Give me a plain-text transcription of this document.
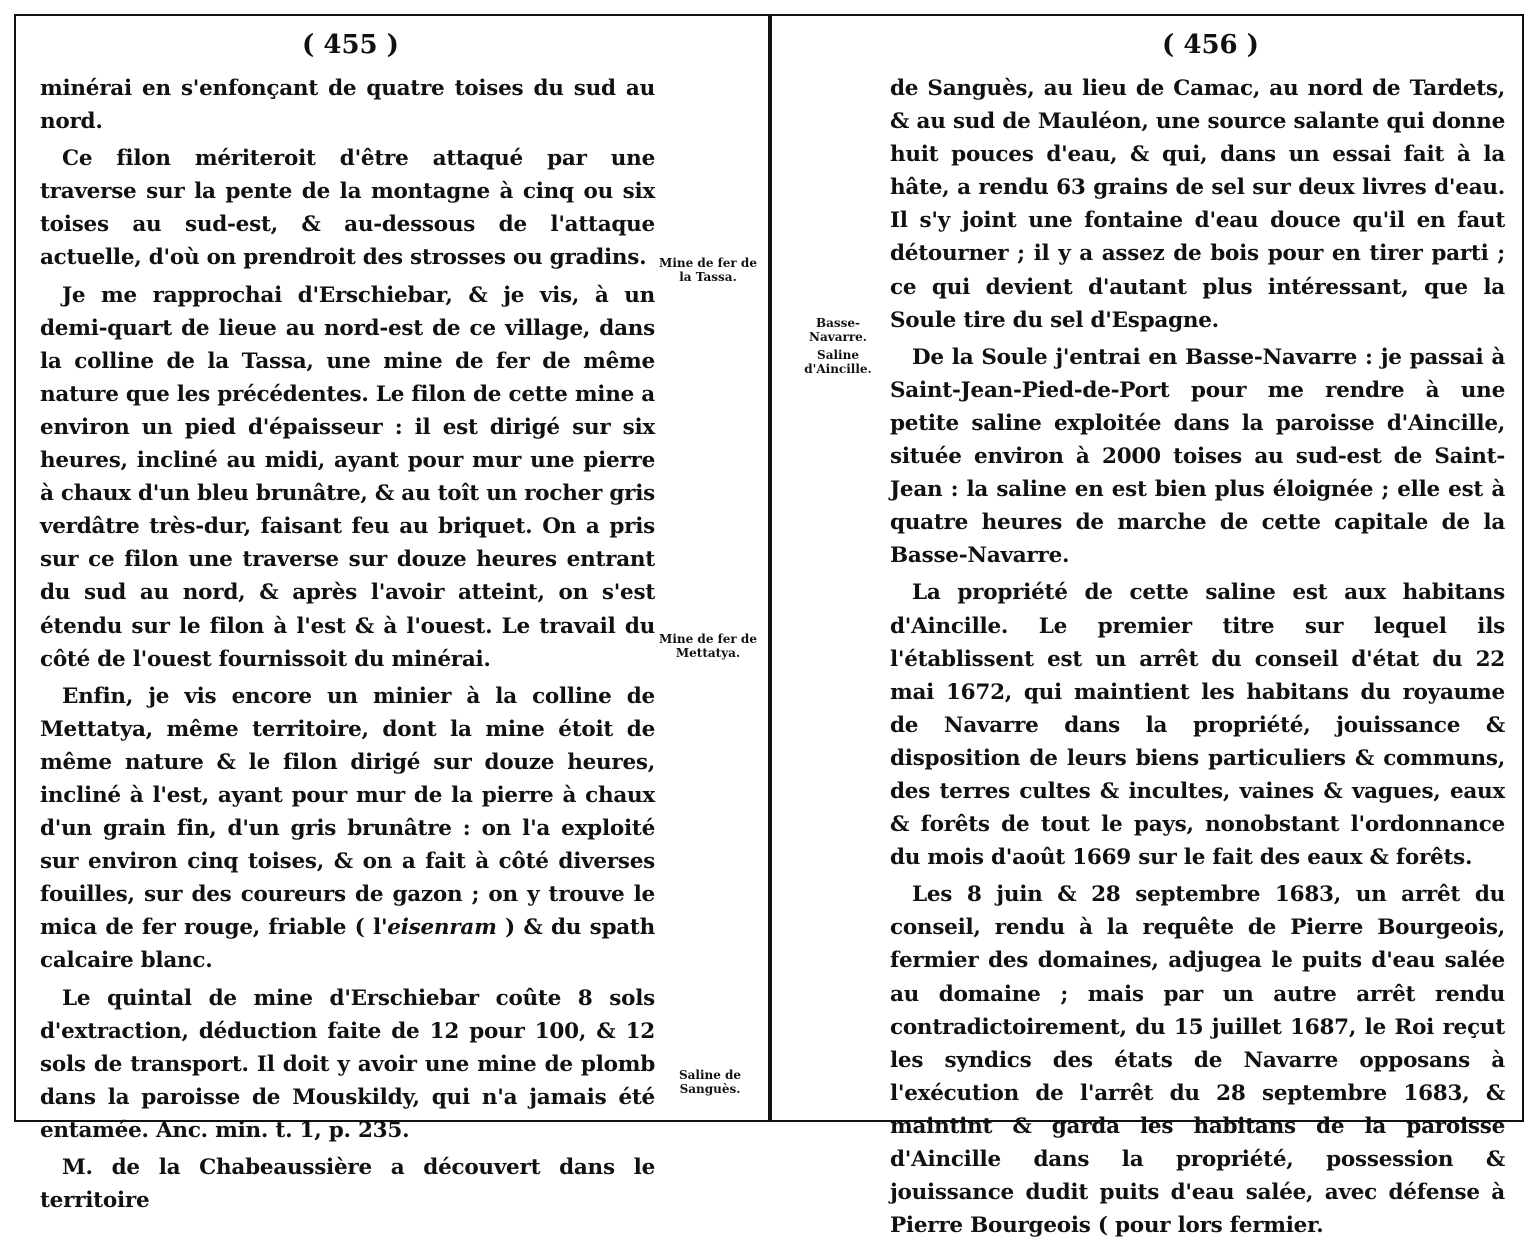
( 455 )

minérai en s'enfonçant de quatre toises du sud au nord.

Ce filon mériteroit d'être attaqué par une traverse sur la pente de la montagne à cinq ou six toises au sud-est, & au-dessous de l'attaque actuelle, d'où on prendroit des strosses ou gradins.

Je me rapprochai d'Erschiebar, & je vis, à un demi-quart de lieue au nord-est de ce village, dans la colline de la Tassa, une mine de fer de même nature que les précédentes. Le filon de cette mine a environ un pied d'épaisseur : il est dirigé sur six heures, incliné au midi, ayant pour mur une pierre à chaux d'un bleu brunâtre, & au toît un rocher gris verdâtre très-dur, faisant feu au briquet. On a pris sur ce filon une traverse sur douze heures entrant du sud au nord, & après l'avoir atteint, on s'est étendu sur le filon à l'est & à l'ouest. Le travail du côté de l'ouest fournissoit du minérai.

Enfin, je vis encore un minier à la colline de Mettatya, même territoire, dont la mine étoit de même nature & le filon dirigé sur douze heures, incliné à l'est, ayant pour mur de la pierre à chaux d'un grain fin, d'un gris brunâtre : on l'a exploité sur environ cinq toises, & on a fait à côté diverses fouilles, sur des coureurs de gazon ; on y trouve le mica de fer rouge, friable ( l'eisenram ) & du spath calcaire blanc.

Le quintal de mine d'Erschiebar coûte 8 sols d'extraction, déduction faite de 12 pour 100, & 12 sols de transport. Il doit y avoir une mine de plomb dans la paroisse de Mouskildy, qui n'a jamais été entamée. Anc. min. t. 1, p. 235.

M. de la Chabeaussière a découvert dans le territoire

Mine de fer de la Tassa.
Mine de fer de Mettatya.
Saline de Sanguès.
( 456 )

de Sanguès, au lieu de Camac, au nord de Tardets, & au sud de Mauléon, une source salante qui donne huit pouces d'eau, & qui, dans un essai fait à la hâte, a rendu 63 grains de sel sur deux livres d'eau. Il s'y joint une fontaine d'eau douce qu'il en faut détourner ; il y a assez de bois pour en tirer parti ; ce qui devient d'autant plus intéressant, que la Soule tire du sel d'Espagne.

De la Soule j'entrai en Basse-Navarre : je passai à Saint-Jean-Pied-de-Port pour me rendre à une petite saline exploitée dans la paroisse d'Aincille, située environ à 2000 toises au sud-est de Saint-Jean : la saline en est bien plus éloignée ; elle est à quatre heures de marche de cette capitale de la Basse-Navarre.

La propriété de cette saline est aux habitans d'Aincille. Le premier titre sur lequel ils l'établissent est un arrêt du conseil d'état du 22 mai 1672, qui maintient les habitans du royaume de Navarre dans la propriété, jouissance & disposition de leurs biens particuliers & communs, des terres cultes & incultes, vaines & vagues, eaux & forêts de tout le pays, nonobstant l'ordonnance du mois d'août 1669 sur le fait des eaux & forêts.

Les 8 juin & 28 septembre 1683, un arrêt du conseil, rendu à la requête de Pierre Bourgeois, fermier des domaines, adjugea le puits d'eau salée au domaine ; mais par un autre arrêt rendu contradictoirement, du 15 juillet 1687, le Roi reçut les syndics des états de Navarre opposans à l'exécution de l'arrêt du 28 septembre 1683, & maintint & garda les habitans de la paroisse d'Aincille dans la propriété, possession & jouissance dudit puits d'eau salée, avec défense à Pierre Bourgeois ( pour lors fermier.

Basse-Navarre.
Saline d'Aincille.
